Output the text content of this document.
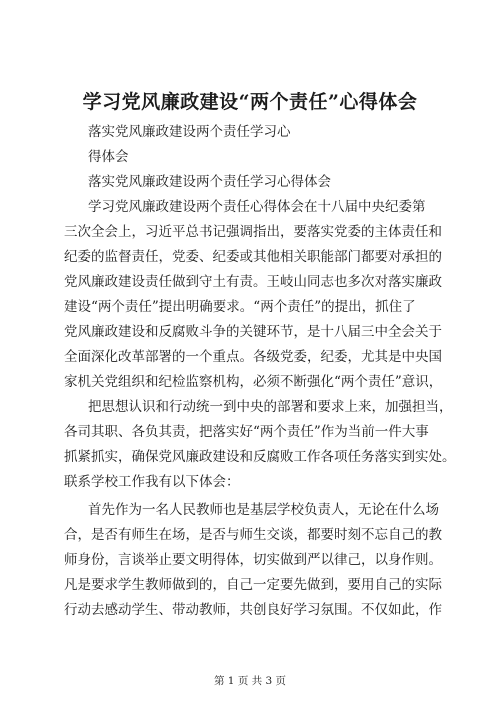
学习党风廉政建设“两个责任”心得体会
落实党风廉政建设两个责任学习心
得体会
落实党风廉政建设两个责任学习心得体会
学习党风廉政建设两个责任心得体会在十八届中央纪委第
三次全会上，习近平总书记强调指出，要落实党委的主体责任和
纪委的监督责任，党委、纪委或其他相关职能部门都要对承担的
党风廉政建设责任做到守土有责。王岐山同志也多次对落实廉政
建设“两个责任”提出明确要求。“两个责任”的提出，抓住了
党风廉政建设和反腐败斗争的关键环节，是十八届三中全会关于
全面深化改革部署的一个重点。各级党委，纪委，尤其是中央国
家机关党组织和纪检监察机构，必须不断强化“两个责任”意识，
把思想认识和行动统一到中央的部署和要求上来，加强担当，
各司其职、各负其责，把落实好“两个责任”作为当前一件大事
抓紧抓实，确保党风廉政建设和反腐败工作各项任务落实到实处。
联系学校工作我有以下体会：
首先作为一名人民教师也是基层学校负责人，无论在什么场
合，是否有师生在场，是否与师生交谈，都要时刻不忘自己的教
师身份，言谈举止要文明得体，切实做到严以律己，以身作则。
凡是要求学生教师做到的，自己一定要先做到，要用自己的实际
行动去感动学生、带动教师，共创良好学习氛围。不仅如此，作
第 1 页 共 3 页
